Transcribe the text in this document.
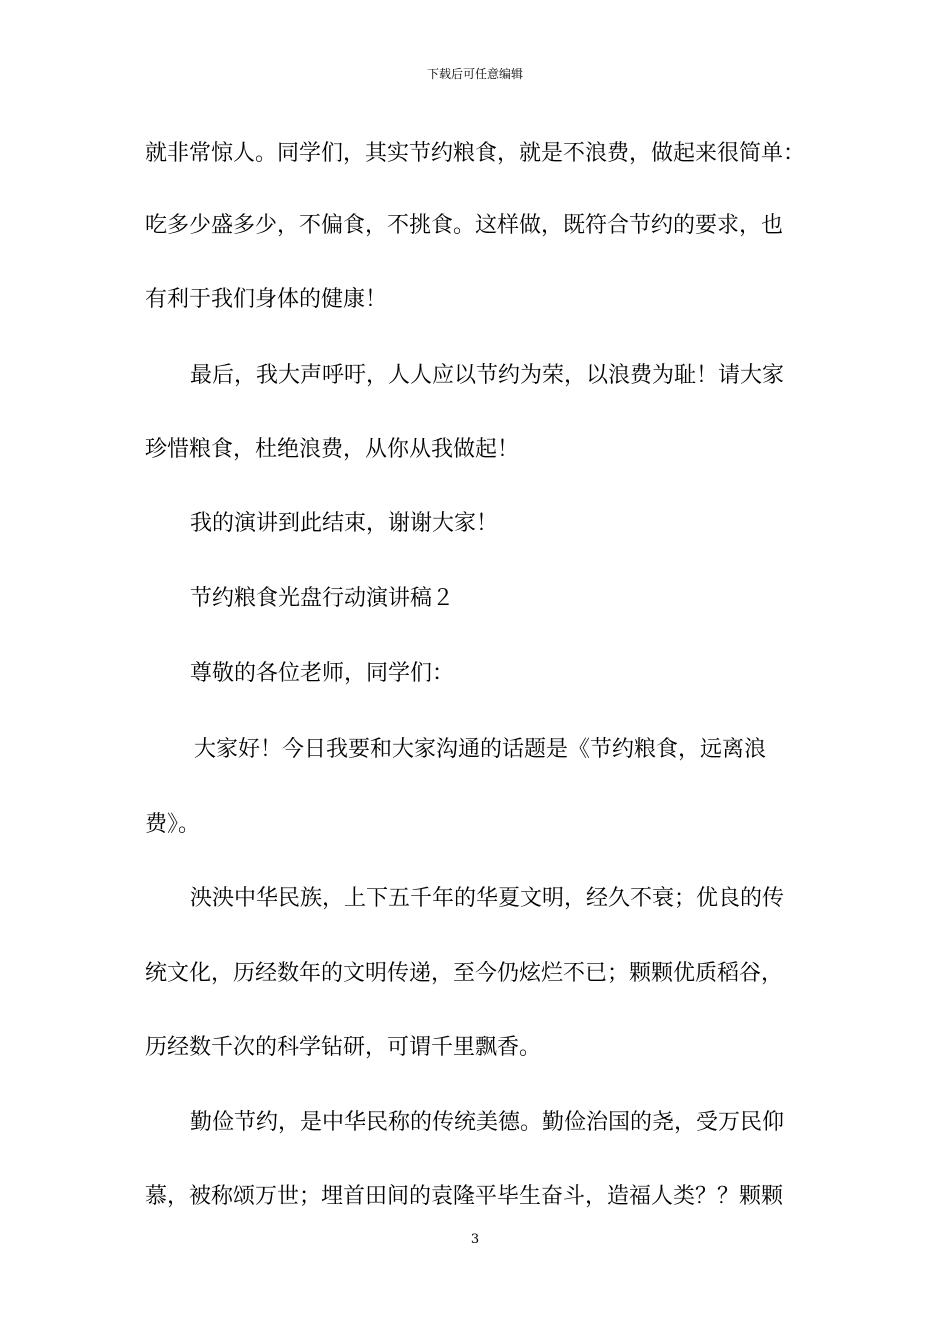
下载后可任意编辑
就非常惊人。同学们，其实节约粮食，就是不浪费，做起来很简单：
吃多少盛多少，不偏食，不挑食。这样做，既符合节约的要求，也
有利于我们身体的健康！
最后，我大声呼吁，人人应以节约为荣，以浪费为耻！请大家
珍惜粮食，杜绝浪费，从你从我做起！
我的演讲到此结束，谢谢大家！
节约粮食光盘行动演讲稿２
尊敬的各位老师，同学们：
大家好！今日我要和大家沟通的话题是《节约粮食，远离浪
费》。
泱泱中华民族，上下五千年的华夏文明，经久不衰；优良的传
统文化，历经数年的文明传递，至今仍炫烂不已；颗颗优质稻谷，
历经数千次的科学钻研，可谓千里飘香。
勤俭节约，是中华民称的传统美德。勤俭治国的尧，受万民仰
慕，被称颂万世；埋首田间的袁隆平毕生奋斗，造福人类？？颗颗
3
